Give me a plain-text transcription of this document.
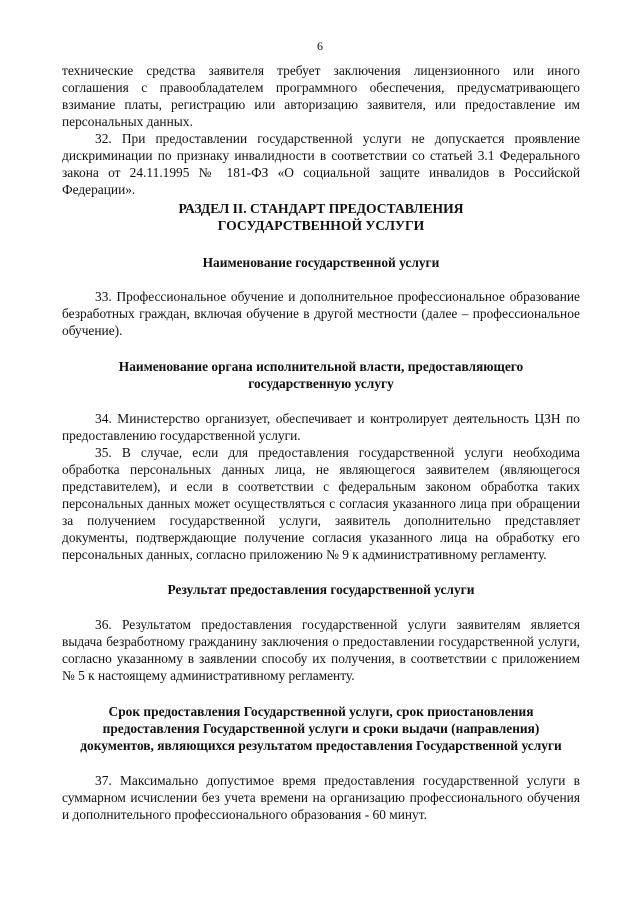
6

технические средства заявителя требует заключения лицензионного или иного соглашения с правообладателем программного обеспечения, предусматривающего взимание платы, регистрацию или авторизацию заявителя, или предоставление им персональных данных.

32. При предоставлении государственной услуги не допускается проявление дискриминации по признаку инвалидности в соответствии со статьей 3.1 Федерального закона от 24.11.1995 № 181-ФЗ «О социальной защите инвалидов в Российской Федерации».

РАЗДЕЛ II. СТАНДАРТ ПРЕДОСТАВЛЕНИЯ
ГОСУДАРСТВЕННОЙ УСЛУГИ
Наименование государственной услуги

33. Профессиональное обучение и дополнительное профессиональное образование безработных граждан, включая обучение в другой местности (далее – профессиональное обучение).

Наименование органа исполнительной власти, предоставляющего
государственную услугу

34. Министерство организует, обеспечивает и контролирует деятельность ЦЗН по предоставлению государственной услуги.

35. В случае, если для предоставления государственной услуги необходима обработка персональных данных лица, не являющегося заявителем (являющегося представителем), и если в соответствии с федеральным законом обработка таких персональных данных может осуществляться с согласия указанного лица при обращении за получением государственной услуги, заявитель дополнительно представляет документы, подтверждающие получение согласия указанного лица на обработку его персональных данных, согласно приложению № 9 к административному регламенту.

Результат предоставления государственной услуги

36. Результатом предоставления государственной услуги заявителям является выдача безработному гражданину заключения о предоставлении государственной услуги, согласно указанному в заявлении способу их получения, в соответствии с приложением № 5 к настоящему административному регламенту.

Срок предоставления Государственной услуги, срок приостановления
предоставления Государственной услуги и сроки выдачи (направления)
документов, являющихся результатом предоставления Государственной услуги

37. Максимально допустимое время предоставления государственной услуги в суммарном исчислении без учета времени на организацию профессионального обучения и дополнительного профессионального образования - 60 минут.
